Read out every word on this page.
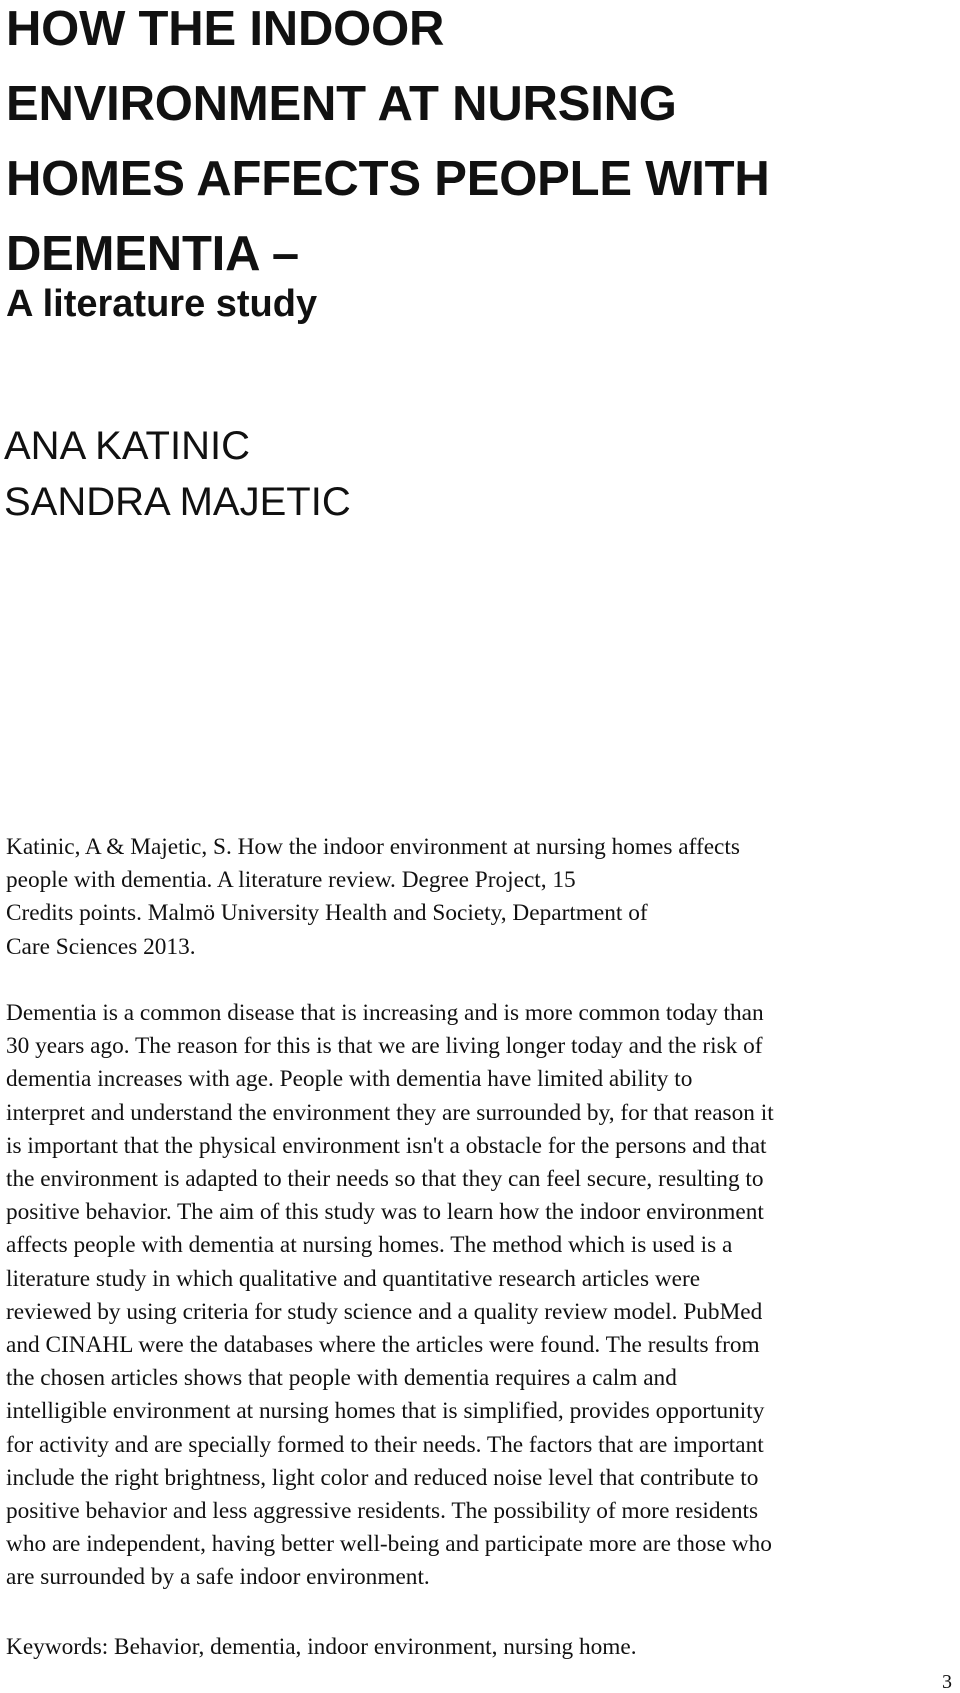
HOW THE INDOOR
ENVIRONMENT AT NURSING
HOMES AFFECTS PEOPLE WITH
DEMENTIA –
A literature study
ANA KATINIC
SANDRA MAJETIC
Katinic, A & Majetic, S. How the indoor environment at nursing homes affects
people with dementia. A literature review. Degree Project, 15
Credits points. Malmö University Health and Society, Department of
Care Sciences 2013.
Dementia is a common disease that is increasing and is more common today than
30 years ago. The reason for this is that we are living longer today and the risk of
dementia increases with age. People with dementia have limited ability to
interpret and understand the environment they are surrounded by, for that reason it
is important that the physical environment isn't a obstacle for the persons and that
the environment is adapted to their needs so that they can feel secure, resulting to
positive behavior. The aim of this study was to learn how the indoor environment
affects people with dementia at nursing homes. The method which is used is a
literature study in which qualitative and quantitative research articles were
reviewed by using criteria for study science and a quality review model. PubMed
and CINAHL were the databases where the articles were found. The results from
the chosen articles shows that people with dementia requires a calm and
intelligible environment at nursing homes that is simplified, provides opportunity
for activity and are specially formed to their needs. The factors that are important
include the right brightness, light color and reduced noise level that contribute to
positive behavior and less aggressive residents. The possibility of more residents
who are independent, having better well-being and participate more are those who
are surrounded by a safe indoor environment.
Keywords: Behavior, dementia, indoor environment, nursing home.
3
